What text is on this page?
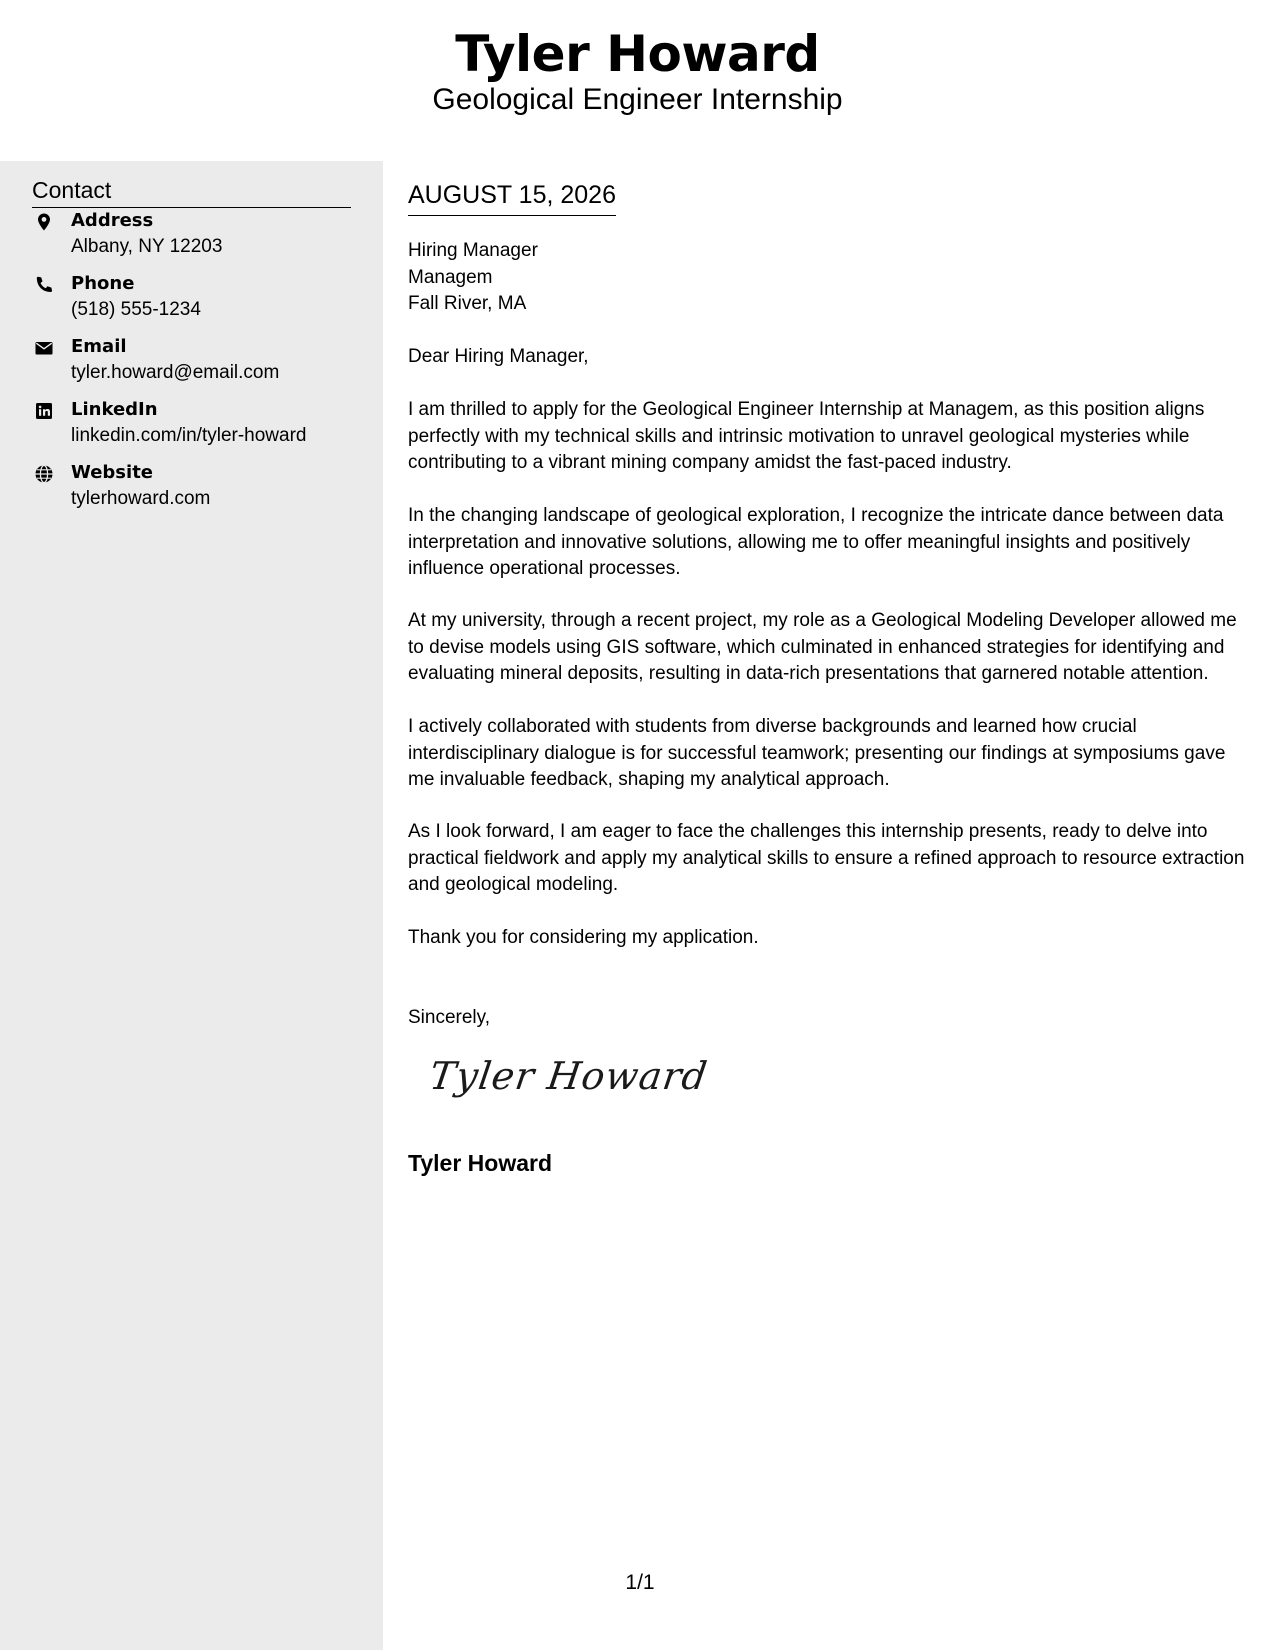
Tyler Howard
Geological Engineer Internship
Contact
Address
Albany, NY 12203
Phone
(518) 555-1234
Email
tyler.howard@email.com
LinkedIn
linkedin.com/in/tyler-howard
Website
tylerhoward.com
AUGUST 15, 2026
Hiring Manager
Managem
Fall River, MA
Dear Hiring Manager,
I am thrilled to apply for the Geological Engineer Internship at Managem, as this position aligns perfectly with my technical skills and intrinsic motivation to unravel geological mysteries while contributing to a vibrant mining company amidst the fast-paced industry.
In the changing landscape of geological exploration, I recognize the intricate dance between data interpretation and innovative solutions, allowing me to offer meaningful insights and positively influence operational processes.
At my university, through a recent project, my role as a Geological Modeling Developer allowed me to devise models using GIS software, which culminated in enhanced strategies for identifying and evaluating mineral deposits, resulting in data-rich presentations that garnered notable attention.
I actively collaborated with students from diverse backgrounds and learned how crucial interdisciplinary dialogue is for successful teamwork; presenting our findings at symposiums gave me invaluable feedback, shaping my analytical approach.
As I look forward, I am eager to face the challenges this internship presents, ready to delve into practical fieldwork and apply my analytical skills to ensure a refined approach to resource extraction and geological modeling.
Thank you for considering my application.
Sincerely,
Tyler Howard
Tyler Howard
1/1
